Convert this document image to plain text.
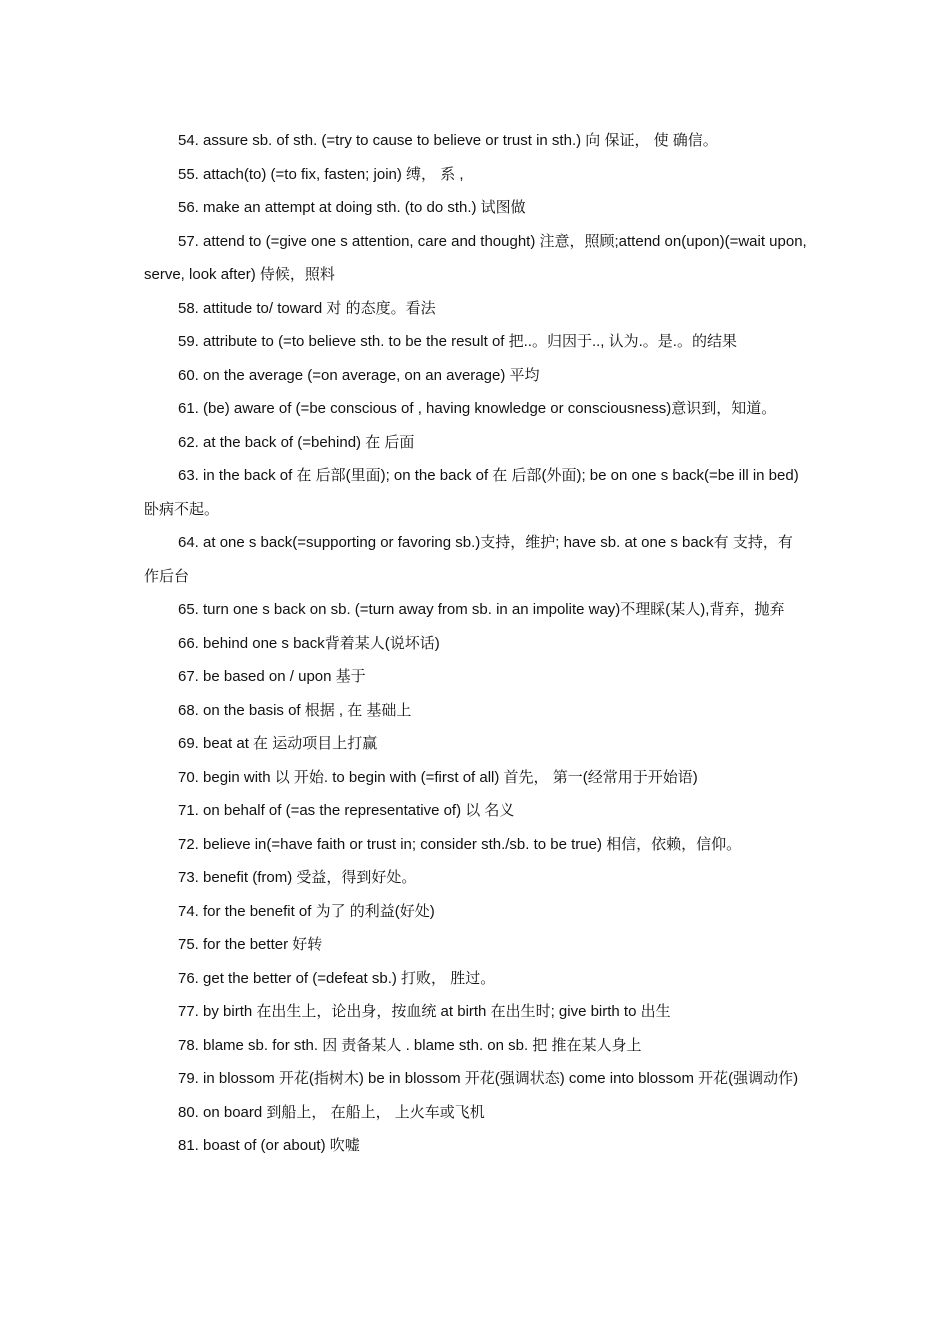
54. assure sb. of sth. (=try to cause to believe or trust in sth.) 向 保证， 使 确信。
55. attach(to) (=to fix, fasten; join) 缚， 系 ,
56. make an attempt at doing sth. (to do sth.) 试图做
57. attend to (=give one s attention, care and thought) 注意，照顾;attend on(upon)(=wait upon, serve, look after) 侍候，照料
58. attitude to/ toward 对 的态度。看法
59. attribute to (=to believe sth. to be the result of 把..。归因于.., 认为.。是.。的结果
60. on the average (=on average, on an average) 平均
61. (be) aware of (=be conscious of , having knowledge or consciousness)意识到，知道。
62. at the back of (=behind) 在 后面
63. in the back of 在 后部(里面); on the back of 在 后部(外面); be on one s back(=be ill in bed) 卧病不起。
64. at one s back(=supporting or favoring sb.)支持，维护; have sb. at one s back有 支持，有 作后台
65. turn one s back on sb. (=turn away from sb. in an impolite way)不理睬(某人),背弃，抛弃
66. behind one s back背着某人(说坏话)
67. be based on / upon 基于
68. on the basis of 根据 , 在 基础上
69. beat at 在 运动项目上打赢
70. begin with 以 开始. to begin with (=first of all) 首先， 第一(经常用于开始语)
71. on behalf of (=as the representative of) 以 名义
72. believe in(=have faith or trust in; consider sth./sb. to be true) 相信，依赖，信仰。
73. benefit (from) 受益，得到好处。
74. for the benefit of 为了 的利益(好处)
75. for the better 好转
76. get the better of (=defeat sb.) 打败， 胜过。
77. by birth 在出生上，论出身，按血统 at birth 在出生时; give birth to 出生
78. blame sb. for sth. 因 责备某人 . blame sth. on sb. 把 推在某人身上
79. in blossom 开花(指树木) be in blossom 开花(强调状态) come into blossom 开花(强调动作)
80. on board 到船上， 在船上， 上火车或飞机
81. boast of (or about) 吹嘘
